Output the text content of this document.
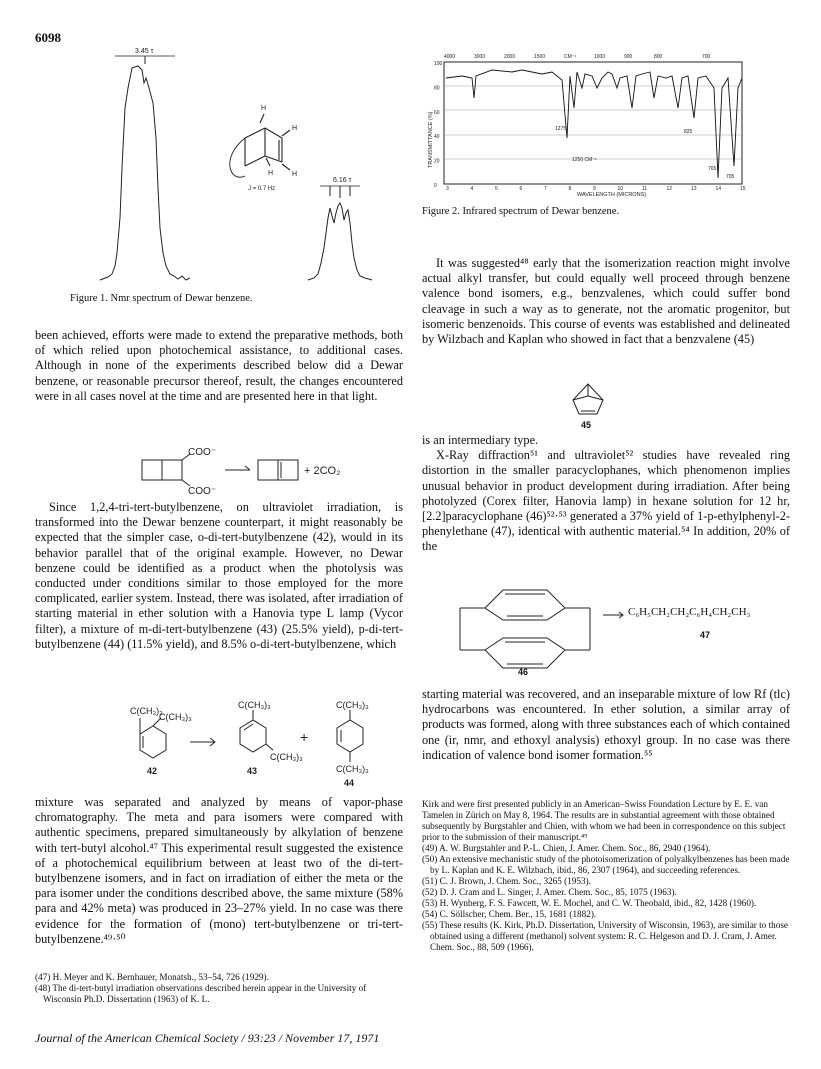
6098
H
H
H
H
J = 0.7 Hz
3.45 τ
6.16 τ
Figure 1. Nmr spectrum of Dewar benzene.
4000	3000	2000	1500	CM⁻¹	1000	900	800	700
100
80
60
40
20
0 3	4	5	6	7	8	9	10	11	12	13	14	15
TRANSMITTANCE (%)
WAVELENGTH (MICRONS)
1275
1250 CM⁻¹
825
765
705
Figure 2. Infrared spectrum of Dewar benzene.

been achieved, efforts were made to extend the preparative methods, both of which relied upon photochemical assistance, to additional cases. Although in none of the experiments described below did a Dewar benzene, or reasonable precursor thereof, result, the changes encountered were in all cases novel at the time and are presented here in that light.

COO⁻
COO⁻
+ 2CO₂

Since 1,2,4-tri-tert-butylbenzene, on ultraviolet irradiation, is transformed into the Dewar benzene counterpart, it might reasonably be expected that the simpler case, o-di-tert-butylbenzene (42), would in its behavior parallel that of the original example. However, no Dewar benzene could be identified as a product when the photolysis was conducted under conditions similar to those employed for the more complicated, earlier system. Instead, there was isolated, after irradiation of starting material in ether solution with a Hanovia type L lamp (Vycor filter), a mixture of m-di-tert-butylbenzene (43) (25.5% yield), p-di-tert-butylbenzene (44) (11.5% yield), and 8.5% o-di-tert-butylbenzene, which

+
C(CH₃)₃
C(CH₃)₃
C(CH₃)₃
C(CH₃)₃
C(CH₃)₃
C(CH₃)₃
42	43
44

mixture was separated and analyzed by means of vapor-phase chromatography. The meta and para isomers were compared with authentic specimens, prepared simultaneously by alkylation of benzene with tert-butyl alcohol.⁴⁷ This experimental result suggested the existence of a photochemical equilibrium between at least two of the di-tert-butylbenzene isomers, and in fact on irradiation of either the meta or the para isomer under the conditions described above, the same mixture (58% para and 42% meta) was produced in 23–27% yield. In no case was there evidence for the formation of (mono) tert-butylbenzene or tri-tert-butylbenzene.⁴⁹·⁵⁰

(47) H. Meyer and K. Bernhauer, Monatsh., 53–54, 726 (1929).

(48) The di-tert-butyl irradiation observations described herein appear in the University of Wisconsin Ph.D. Dissertation (1963) of K. L.

It was suggested⁴⁸ early that the isomerization reaction might involve actual alkyl transfer, but could equally well proceed through benzene valence bond isomers, e.g., benzvalenes, which could suffer bond cleavage in such a way as to generate, not the aromatic progenitor, but isomeric benzenoids. This course of events was established and delineated by Wilzbach and Kaplan who showed in fact that a benzvalene (45)

45

is an intermediary type.

X-Ray diffraction⁵¹ and ultraviolet⁵² studies have revealed ring distortion in the smaller paracyclophanes, which phenomenon implies unusual behavior in product development during irradiation. After being photolyzed (Corex filter, Hanovia lamp) in hexane solution for 12 hr, [2.2]paracyclophane (46)⁵²·⁵³ generated a 37% yield of 1-p-ethylphenyl-2-phenylethane (47), identical with authentic material.⁵⁴ In addition, 20% of the

C₆H₅CH₂CH₂C₆H₄CH₂CH₃
47
46

starting material was recovered, and an inseparable mixture of low Rf (tlc) hydrocarbons was encountered. In ether solution, a similar array of products was formed, along with three substances each of which contained one (ir, nmr, and ethoxyl analysis) ethoxyl group. In no case was there indication of valence bond isomer formation.⁵⁵

Kirk and were first presented publicly in an American–Swiss Foundation Lecture by E. E. van Tamelen in Zürich on May 8, 1964. The results are in substantial agreement with those obtained subsequently by Burgstahler and Chien, with whom we had been in correspondence on this subject prior to the submission of their manuscript.⁴⁹

(49) A. W. Burgstahler and P.-L. Chien, J. Amer. Chem. Soc., 86, 2940 (1964).

(50) An extensive mechanistic study of the photoisomerization of polyalkylbenzenes has been made by L. Kaplan and K. E. Wilzbach, ibid., 86, 2307 (1964), and succeeding references.

(51) C. J. Brown, J. Chem. Soc., 3265 (1953).

(52) D. J. Cram and L. Singer, J. Amer. Chem. Soc., 85, 1075 (1963).

(53) H. Wynberg, F. S. Fawcett, W. E. Mochel, and C. W. Theobald, ibid., 82, 1428 (1960).

(54) C. Söllscher, Chem. Ber., 15, 1681 (1882).

(55) These results (K. Kirk, Ph.D. Dissertation, University of Wisconsin, 1963), are similar to those obtained using a different (methanol) solvent system: R. C. Helgeson and D. J. Cram, J. Amer. Chem. Soc., 88, 509 (1966).

Journal of the American Chemical Society / 93:23 / November 17, 1971
